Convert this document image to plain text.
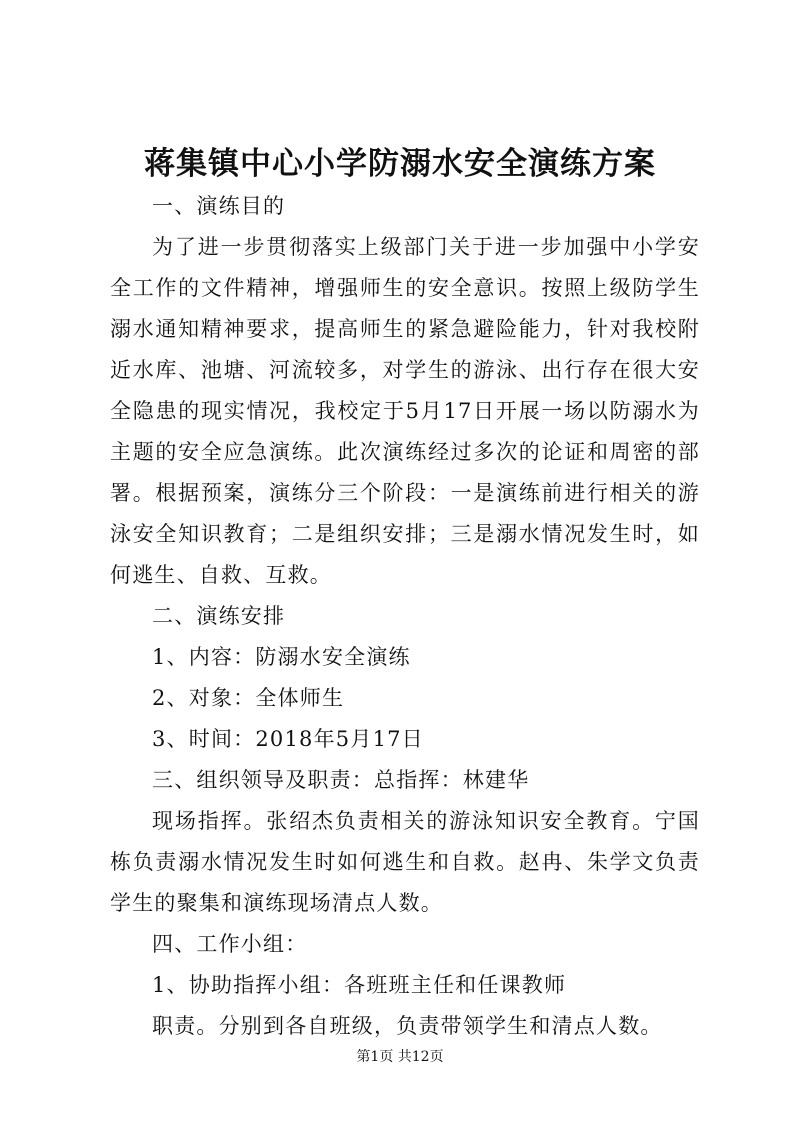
蒋集镇中心小学防溺水安全演练方案

一、演练目的

为了进一步贯彻落实上级部门关于进一步加强中小学安全工作的文件精神，增强师生的安全意识。按照上级防学生溺水通知精神要求，提高师生的紧急避险能力，针对我校附近水库、池塘、河流较多，对学生的游泳、出行存在很大安全隐患的现实情况，我校定于5月17日开展一场以防溺水为主题的安全应急演练。此次演练经过多次的论证和周密的部署。根据预案，演练分三个阶段：一是演练前进行相关的游泳安全知识教育；二是组织安排；三是溺水情况发生时，如何逃生、自救、互救。

二、演练安排

1、内容：防溺水安全演练

2、对象：全体师生

3、时间：2018年5月17日

三、组织领导及职责：总指挥：林建华

现场指挥。张绍杰负责相关的游泳知识安全教育。宁国栋负责溺水情况发生时如何逃生和自救。赵冉、朱学文负责学生的聚集和演练现场清点人数。

四、工作小组：

1、协助指挥小组：各班班主任和任课教师

职责。分别到各自班级，负责带领学生和清点人数。

第1页 共12页
